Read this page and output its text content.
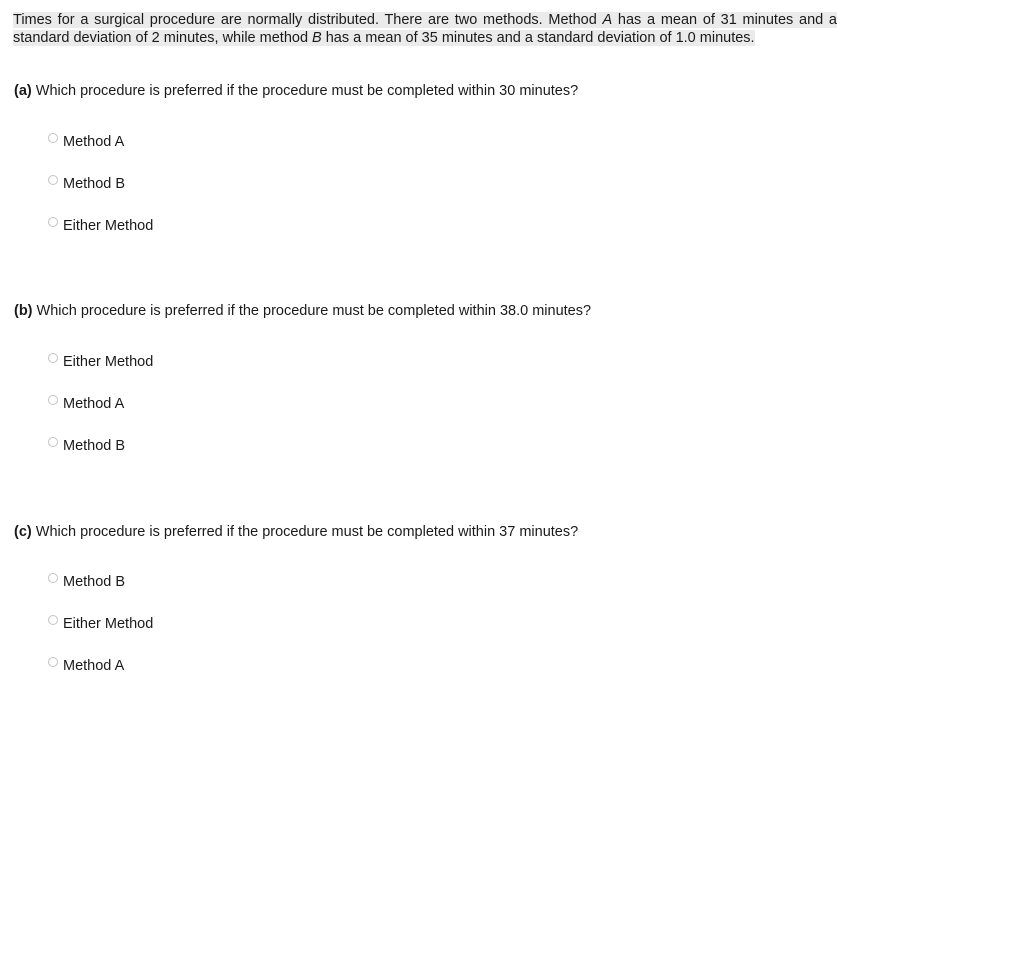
Times for a surgical procedure are normally distributed. There are two methods. Method A has a mean of 31 minutes and a standard deviation of 2 minutes, while method B has a mean of 35 minutes and a standard deviation of 1.0 minutes.
(a) Which procedure is preferred if the procedure must be completed within 30 minutes?
Method A
Method B
Either Method
(b) Which procedure is preferred if the procedure must be completed within 38.0 minutes?
Either Method
Method A
Method B
(c) Which procedure is preferred if the procedure must be completed within 37 minutes?
Method B
Either Method
Method A
